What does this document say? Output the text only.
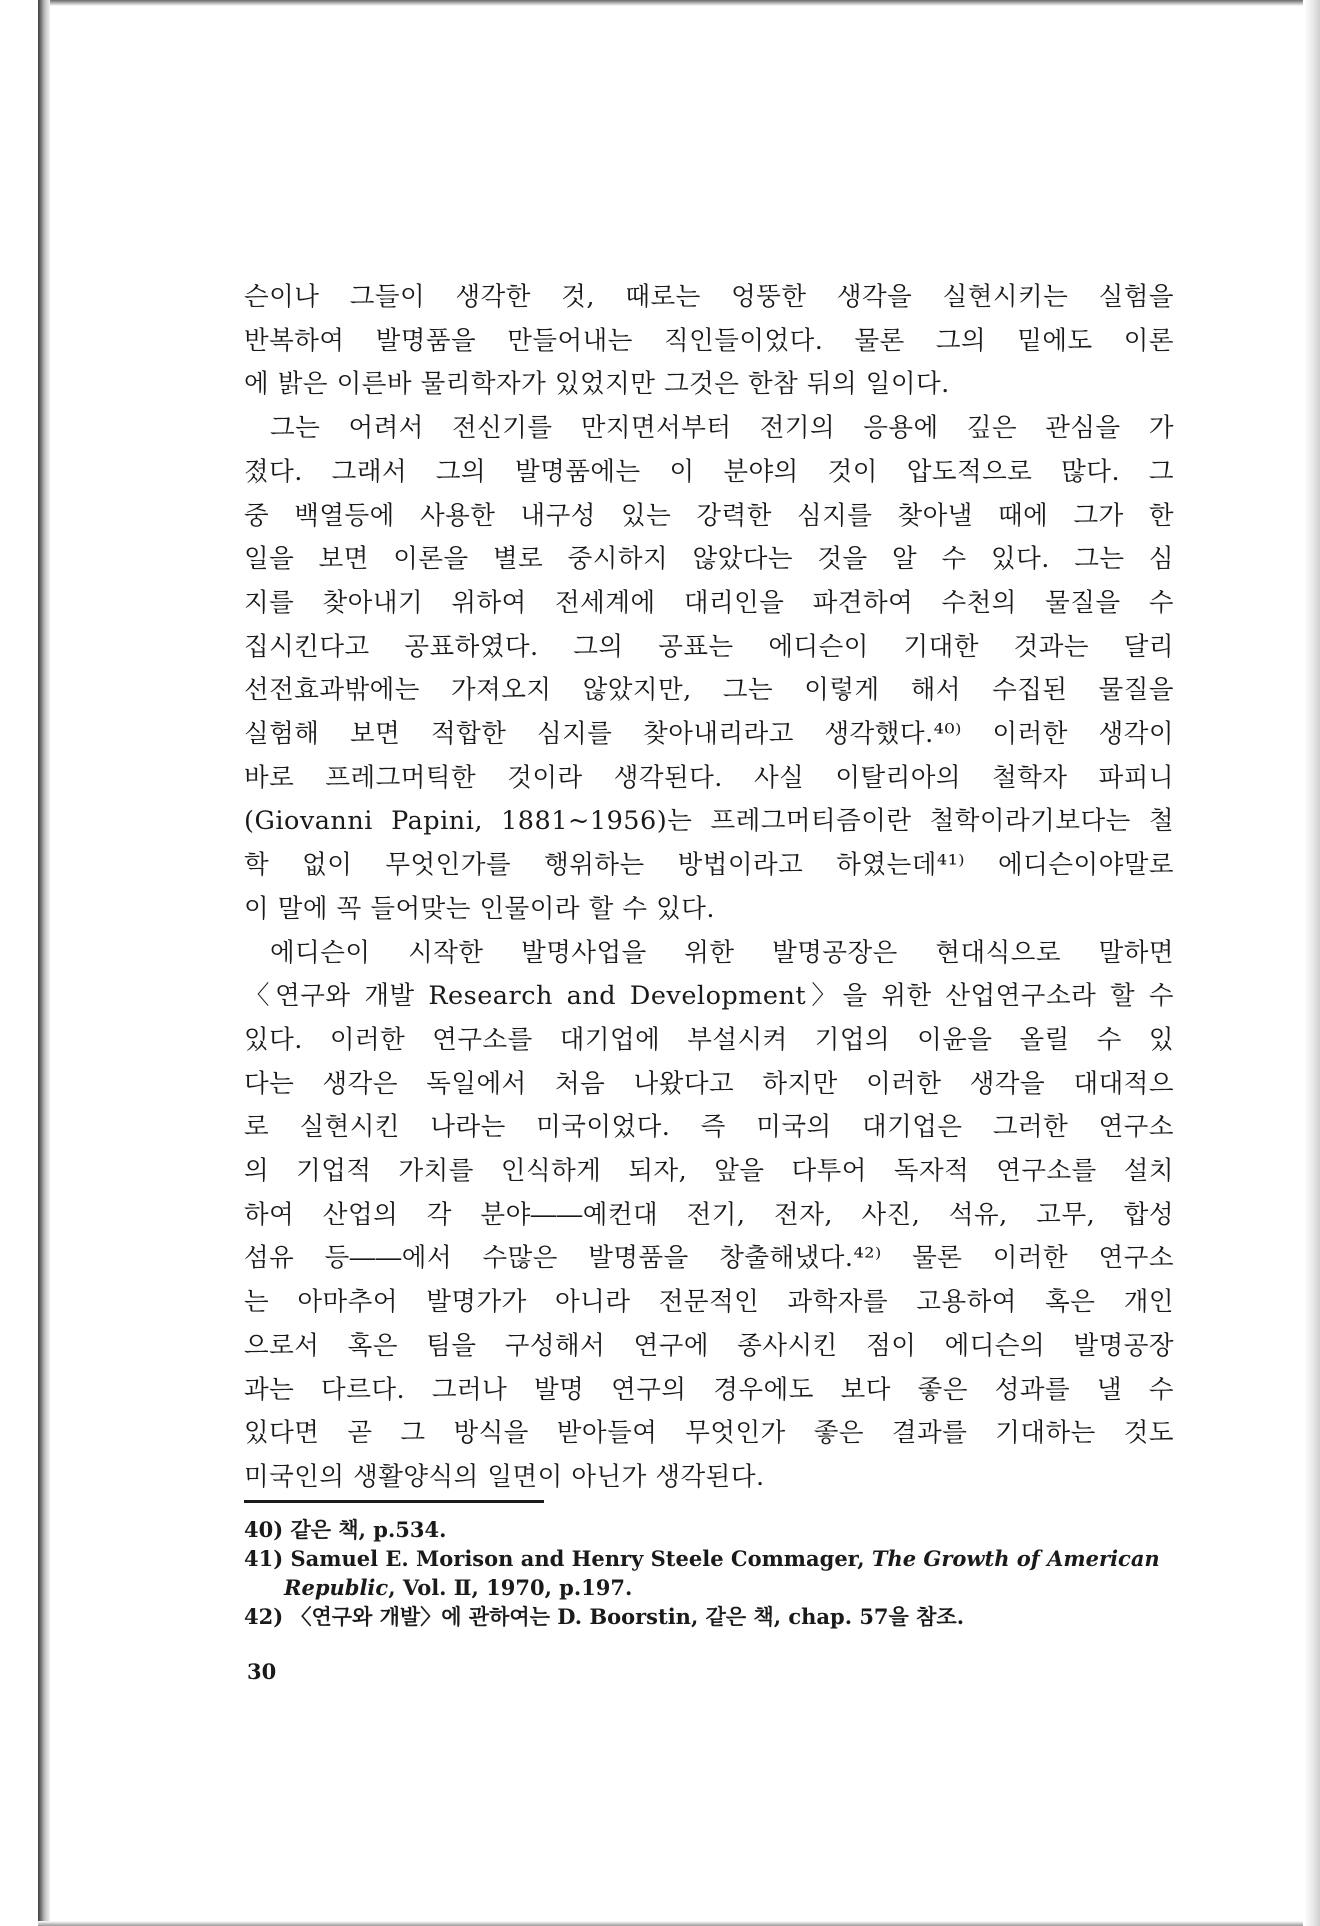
슨이나 그들이 생각한 것, 때로는 엉뚱한 생각을 실현시키는 실험을
반복하여 발명품을 만들어내는 직인들이었다. 물론 그의 밑에도 이론
에 밝은 이른바 물리학자가 있었지만 그것은 한참 뒤의 일이다.
그는 어려서 전신기를 만지면서부터 전기의 응용에 깊은 관심을 가
졌다. 그래서 그의 발명품에는 이 분야의 것이 압도적으로 많다. 그
중 백열등에 사용한 내구성 있는 강력한 심지를 찾아낼 때에 그가 한
일을 보면 이론을 별로 중시하지 않았다는 것을 알 수 있다. 그는 심
지를 찾아내기 위하여 전세계에 대리인을 파견하여 수천의 물질을 수
집시킨다고 공표하였다. 그의 공표는 에디슨이 기대한 것과는 달리
선전효과밖에는 가져오지 않았지만, 그는 이렇게 해서 수집된 물질을
실험해 보면 적합한 심지를 찾아내리라고 생각했다.⁴⁰⁾ 이러한 생각이
바로 프레그머틱한 것이라 생각된다. 사실 이탈리아의 철학자 파피니
(Giovanni Papini, 1881~1956)는 프레그머티즘이란 철학이라기보다는 철
학 없이 무엇인가를 행위하는 방법이라고 하였는데⁴¹⁾ 에디슨이야말로
이 말에 꼭 들어맞는 인물이라 할 수 있다.
에디슨이 시작한 발명사업을 위한 발명공장은 현대식으로 말하면
〈연구와 개발 Research and Development〉을 위한 산업연구소라 할 수
있다. 이러한 연구소를 대기업에 부설시켜 기업의 이윤을 올릴 수 있
다는 생각은 독일에서 처음 나왔다고 하지만 이러한 생각을 대대적으
로 실현시킨 나라는 미국이었다. 즉 미국의 대기업은 그러한 연구소
의 기업적 가치를 인식하게 되자, 앞을 다투어 독자적 연구소를 설치
하여 산업의 각 분야――예컨대 전기, 전자, 사진, 석유, 고무, 합성
섬유 등――에서 수많은 발명품을 창출해냈다.⁴²⁾ 물론 이러한 연구소
는 아마추어 발명가가 아니라 전문적인 과학자를 고용하여 혹은 개인
으로서 혹은 팀을 구성해서 연구에 종사시킨 점이 에디슨의 발명공장
과는 다르다. 그러나 발명 연구의 경우에도 보다 좋은 성과를 낼 수
있다면 곧 그 방식을 받아들여 무엇인가 좋은 결과를 기대하는 것도
미국인의 생활양식의 일면이 아닌가 생각된다.
40) 같은 책, p.534.
41) Samuel E. Morison and Henry Steele Commager, The Growth of American
Republic, Vol. Ⅱ, 1970, p.197.
42) 〈연구와 개발〉에 관하여는 D. Boorstin, 같은 책, chap. 57을 참조.
30
